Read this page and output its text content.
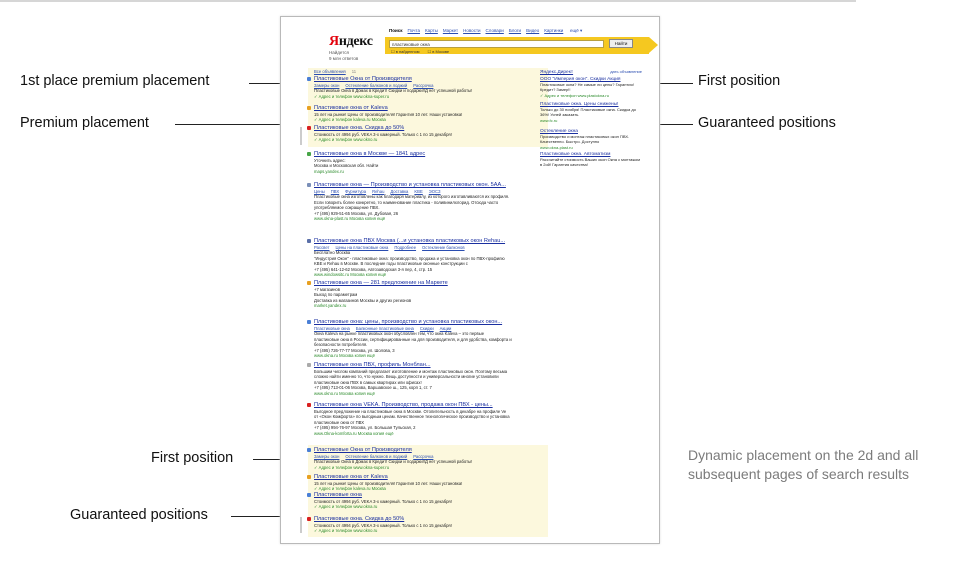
1st place premium placement
Premium placement
First position
Guaranteed positions
First position
Guaranteed positions
Dynamic placement on the 2d and all subsequent pages of search results
Яндекс
Найдется
9 млн ответов
Поиск Почта Карты Маркет Новости Словари Блоги Видео Картинки ещё ▾
пластиковые окна	Найти
☐ в найденном ☐ в Москве
Все объявления 11	Яндекс.Директ	дать объявление
Пластиковые Окна от Производителя
Замеры окон Остекление балконов и лоджий Рассрочка
Пластиковые Окна в Домах в Кредит! Скидки и подарки!!Д нет успешной работы!
✓ Адрес и телефон www.okna-super.ru
Пластиковые окна от Kaleva
15 лет на рынке! Цены от производителя! Гарантия 10 лет. Наши установка!
✓ Адрес и телефон kaleva.ru Москва
Пластиковые окна. Скидка до 50%
Стоимость от 4994 руб. VEKA 3-х камерный. Только с 1 по 15 декабря!
✓ Адрес и телефон www.okno.ru
Пластиковые окна в Москве — 1841 адрес
Уточнить адрес:
Москва и Московская обл. Найти
maps.yandex.ru
Пластиковые окна — Производство и установка пластиковых окон. 5AA...
Цены ПВХ Фурнитура Rehau Доставка KBE ЭОСЗ
Пластиковые окна изготовлены как благодаря материалу, из которого изготавливаются их профиля.
Если говорить более конкретно, то наименование пластика - поливинилхлорид. Отсюда часто
употребляемое сокращение ПВХ.
+7 (495) 929-51-65 Москва, ул. Дубовая, 26
www.okna-plast.ru Москва копия ещё
Пластиковые окна ПВХ Москва (...и установка пластиковых окон Rehau...
Рассвет Цены на пластиковые окна Подробнее Остекление балконов
Бесплатно Москва
"Индустрия Окон" - пластиковые окна: производство, продажа и установка окон по ПВХ-профилю
KBE и Rehau в Москве. В последние годы пластиковые оконные конструкции с
+7 (495) 641-12-62 Москва, Автозаводская 3-я пер, 4, стр. 15
www.windowsitc.ru Москва копия ещё
Пластиковые окна — 281 предложение на Маркете
+7 магазинов
Выход по параметрам
Доставка из магазинов Москвы и других регионов
market.yandex.ru
Пластиковые окна: цены, производство и установка пластиковых окон...
Пластиковые окна Балконные пластиковые окна Скидки Акции
Окна Kaleva на рынке пластиковых окон обусловлен тем, что окна Kaleva – это первые
пластиковые окна в России, сертифицированные на для производителя, и для удобства, комфорта и
безопасности потребителя.
+7 (495) 726-77-77 Москва, ул. Шолова, 3
www.okna.ru Москва копия ещё
Пластиковые окна ПВХ, профиль Монблан...
Большим числом компаний предлагает изготовление и монтаж пластиковых окон. Поэтому весьма
сложно найти именно то, что нужно. Вещь доступности и универсальности многие установили
пластиковые окна ПВХ в самых квартирах или офисах!
+7 (495) 713-01-06 Москва, Варшавское ш., 125, корп 1, ст. 7
www.okno.ru Москва копия ещё
Пластиковые окна VEKA. Производство, продажа окон ПВХ - цены...
Выгодное предложение на пластиковые окна в Москве. Отопительность в декабре на профиле Ve
от «Окон Комфорта» по выгодным ценам. Качественное технологическое производство и установка
пластиковые окна от ПВХ
+7 (495) 994-76-97 Москва, ул. Большая Тульская, 2
www.Okna-komforta.ru Москва копия ещё
Пластиковые Окна от Производителя
Замеры окон Остекление балконов и лоджий Рассрочка
Пластиковые Окна в Домах в Кредит! Скидки и подарки!!Д нет успешной работы!
✓ Адрес и телефон www.okna-super.ru
Пластиковые окна от Kaleva
15 лет на рынке! Цены от производителя! Гарантия 10 лет. Наши установка!
✓ Адрес и телефон kaleva.ru Москва
Пластиковые окна
Стоимость от 4994 руб. VEKA 3-х камерный. Только с 1 по 15 декабря!
✓ Адрес и телефон www.okna.ru
Пластиковые окна. Скидка до 50%
Стоимость от 4994 руб. VEKA 3-х камерный. Только с 1 по 15 декабря!
✓ Адрес и телефон www.okno.ru
ООО "Империя окон". Скидки Акция
Пластиковые окна? Не самые ли цены? Гарантия! Кредит? Замер!!
✓ Адрес и телефон www.plastokna.ru
Пластиковые окна. Цены снижены!
Только до 30 ноября! Пластиковые окна. Скидка до 36%! Успей заказать.
www.fc.ru
Остекление окна
Производство и монтаж пластиковых окон ПВХ. Качественно. Быстро. Доступно
www.okna-plast.ru
Пластиковые окна. Автоматизм
Рассчитайте стоимость Ваших окон Окна с монтажом в 2ой! Гарантия качества!
